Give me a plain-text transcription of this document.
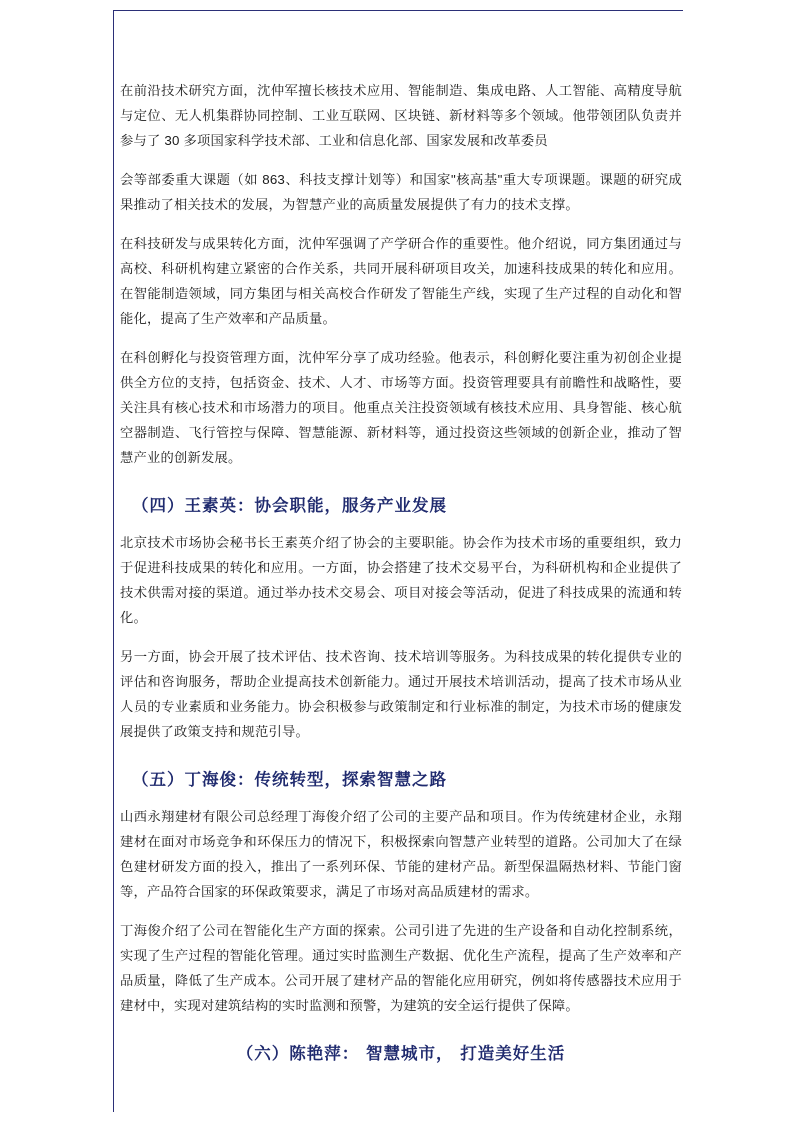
在前沿技术研究方面，沈仲军擅长核技术应用、智能制造、集成电路、人工智能、高精度导航与定位、无人机集群协同控制、工业互联网、区块链、新材料等多个领域。他带领团队负责并参与了 30 多项国家科学技术部、工业和信息化部、国家发展和改革委员

会等部委重大课题（如 863、科技支撑计划等）和国家"核高基"重大专项课题。课题的研究成果推动了相关技术的发展，为智慧产业的高质量发展提供了有力的技术支撑。

在科技研发与成果转化方面，沈仲军强调了产学研合作的重要性。他介绍说，同方集团通过与高校、科研机构建立紧密的合作关系，共同开展科研项目攻关，加速科技成果的转化和应用。在智能制造领域，同方集团与相关高校合作研发了智能生产线，实现了生产过程的自动化和智能化，提高了生产效率和产品质量。

在科创孵化与投资管理方面，沈仲军分享了成功经验。他表示，科创孵化要注重为初创企业提供全方位的支持，包括资金、技术、人才、市场等方面。投资管理要具有前瞻性和战略性，要关注具有核心技术和市场潜力的项目。他重点关注投资领域有核技术应用、具身智能、核心航空器制造、飞行管控与保障、智慧能源、新材料等，通过投资这些领域的创新企业，推动了智慧产业的创新发展。

（四）王素英：协会职能，服务产业发展

北京技术市场协会秘书长王素英介绍了协会的主要职能。协会作为技术市场的重要组织，致力于促进科技成果的转化和应用。一方面，协会搭建了技术交易平台，为科研机构和企业提供了技术供需对接的渠道。通过举办技术交易会、项目对接会等活动，促进了科技成果的流通和转化。

另一方面，协会开展了技术评估、技术咨询、技术培训等服务。为科技成果的转化提供专业的评估和咨询服务，帮助企业提高技术创新能力。通过开展技术培训活动，提高了技术市场从业人员的专业素质和业务能力。协会积极参与政策制定和行业标准的制定，为技术市场的健康发展提供了政策支持和规范引导。

（五）丁海俊：传统转型，探索智慧之路

山西永翔建材有限公司总经理丁海俊介绍了公司的主要产品和项目。作为传统建材企业，永翔建材在面对市场竞争和环保压力的情况下，积极探索向智慧产业转型的道路。公司加大了在绿色建材研发方面的投入，推出了一系列环保、节能的建材产品。新型保温隔热材料、节能门窗等，产品符合国家的环保政策要求，满足了市场对高品质建材的需求。

丁海俊介绍了公司在智能化生产方面的探索。公司引进了先进的生产设备和自动化控制系统，实现了生产过程的智能化管理。通过实时监测生产数据、优化生产流程，提高了生产效率和产品质量，降低了生产成本。公司开展了建材产品的智能化应用研究，例如将传感器技术应用于建材中，实现对建筑结构的实时监测和预警，为建筑的安全运行提供了保障。

（六）陈艳萍： 智慧城市， 打造美好生活
